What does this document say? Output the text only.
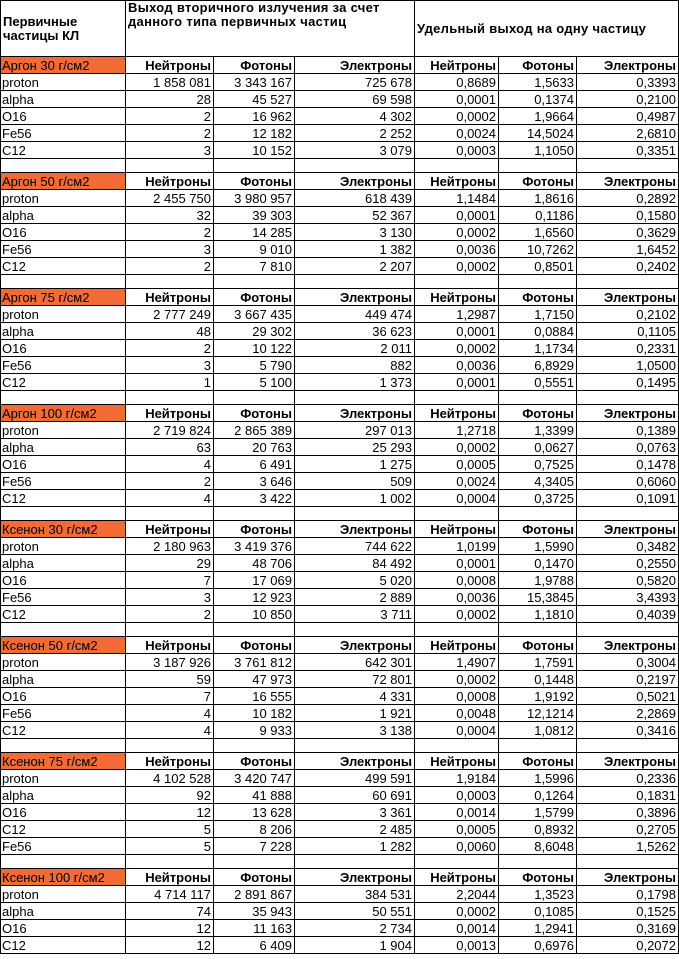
Первичные частицы КЛ	Выход вторичного излучения за счет данного типа первичных частиц			Удельный выход на одну частицу		
Аргон 30 г/см2	Нейтроны	Фотоны	Электроны	Нейтроны	Фотоны	Электроны
proton	1 858 081	3 343 167	725 678	0,8689	1,5633	0,3393
alpha	28	45 527	69 598	0,0001	0,1374	0,2100
O16	2	16 962	4 302	0,0002	1,9664	0,4987
Fe56	2	12 182	2 252	0,0024	14,5024	2,6810
C12	3	10 152	3 079	0,0003	1,1050	0,3351

Аргон 50 г/см2	Нейтроны	Фотоны	Электроны	Нейтроны	Фотоны	Электроны
proton	2 455 750	3 980 957	618 439	1,1484	1,8616	0,2892
alpha	32	39 303	52 367	0,0001	0,1186	0,1580
O16	2	14 285	3 130	0,0002	1,6560	0,3629
Fe56	3	9 010	1 382	0,0036	10,7262	1,6452
C12	2	7 810	2 207	0,0002	0,8501	0,2402

Аргон 75 г/см2	Нейтроны	Фотоны	Электроны	Нейтроны	Фотоны	Электроны
proton	2 777 249	3 667 435	449 474	1,2987	1,7150	0,2102
alpha	48	29 302	36 623	0,0001	0,0884	0,1105
O16	2	10 122	2 011	0,0002	1,1734	0,2331
Fe56	3	5 790	882	0,0036	6,8929	1,0500
C12	1	5 100	1 373	0,0001	0,5551	0,1495

Аргон 100 г/см2	Нейтроны	Фотоны	Электроны	Нейтроны	Фотоны	Электроны
proton	2 719 824	2 865 389	297 013	1,2718	1,3399	0,1389
alpha	63	20 763	25 293	0,0002	0,0627	0,0763
O16	4	6 491	1 275	0,0005	0,7525	0,1478
Fe56	2	3 646	509	0,0024	4,3405	0,6060
C12	4	3 422	1 002	0,0004	0,3725	0,1091

Ксенон 30 г/см2	Нейтроны	Фотоны	Электроны	Нейтроны	Фотоны	Электроны
proton	2 180 963	3 419 376	744 622	1,0199	1,5990	0,3482
alpha	29	48 706	84 492	0,0001	0,1470	0,2550
O16	7	17 069	5 020	0,0008	1,9788	0,5820
Fe56	3	12 923	2 889	0,0036	15,3845	3,4393
C12	2	10 850	3 711	0,0002	1,1810	0,4039

Ксенон 50 г/см2	Нейтроны	Фотоны	Электроны	Нейтроны	Фотоны	Электроны
proton	3 187 926	3 761 812	642 301	1,4907	1,7591	0,3004
alpha	59	47 973	72 801	0,0002	0,1448	0,2197
O16	7	16 555	4 331	0,0008	1,9192	0,5021
Fe56	4	10 182	1 921	0,0048	12,1214	2,2869
C12	4	9 933	3 138	0,0004	1,0812	0,3416

Ксенон 75 г/см2	Нейтроны	Фотоны	Электроны	Нейтроны	Фотоны	Электроны
proton	4 102 528	3 420 747	499 591	1,9184	1,5996	0,2336
alpha	92	41 888	60 691	0,0003	0,1264	0,1831
O16	12	13 628	3 361	0,0014	1,5799	0,3896
C12	5	8 206	2 485	0,0005	0,8932	0,2705
Fe56	5	7 228	1 282	0,0060	8,6048	1,5262

Ксенон 100 г/см2	Нейтроны	Фотоны	Электроны	Нейтроны	Фотоны	Электроны
proton	4 714 117	2 891 867	384 531	2,2044	1,3523	0,1798
alpha	74	35 943	50 551	0,0002	0,1085	0,1525
O16	12	11 163	2 734	0,0014	1,2941	0,3169
C12	12	6 409	1 904	0,0013	0,6976	0,2072
